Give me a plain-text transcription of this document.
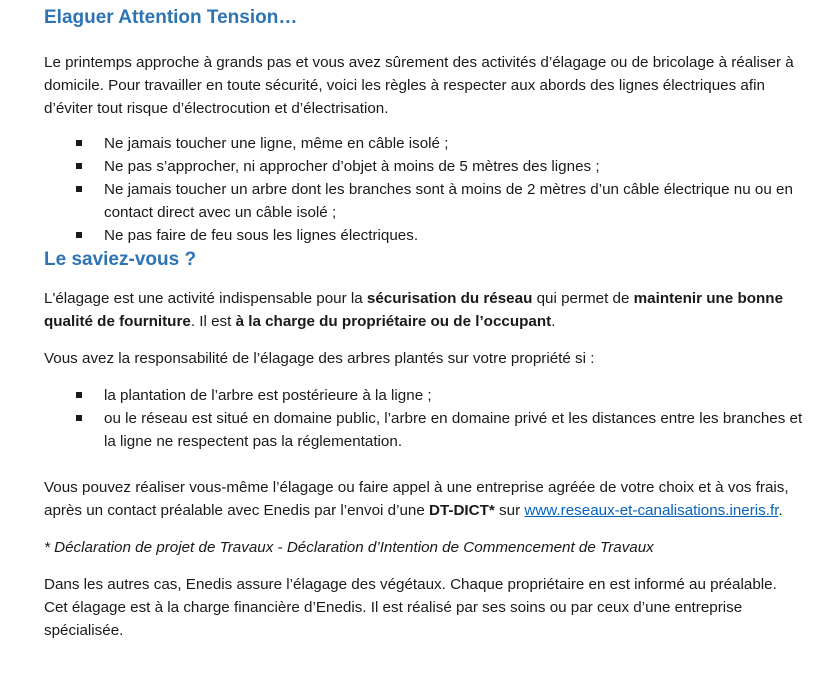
Elaguer Attention Tension…

Le printemps approche à grands pas et vous avez sûrement des activités d’élagage ou de bricolage à réaliser à domicile. Pour travailler en toute sécurité, voici les règles à respecter aux abords des lignes électriques afin d’éviter tout risque d’électrocution et d’électrisation.

Ne jamais toucher une ligne, même en câble isolé ;
Ne pas s’approcher, ni approcher d’objet à moins de 5 mètres des lignes ;
Ne jamais toucher un arbre dont les branches sont à moins de 2 mètres d’un câble électrique nu ou en contact direct avec un câble isolé ;
Ne pas faire de feu sous les lignes électriques.
Le saviez-vous ?

L'élagage est une activité indispensable pour la sécurisation du réseau qui permet de maintenir une bonne qualité de fourniture. Il est à la charge du propriétaire ou de l’occupant.

Vous avez la responsabilité de l’élagage des arbres plantés sur votre propriété si :

la plantation de l’arbre est postérieure à la ligne ;
ou le réseau est situé en domaine public, l’arbre en domaine privé et les distances entre les branches et la ligne ne respectent pas la réglementation.

Vous pouvez réaliser vous-même l’élagage ou faire appel à une entreprise agréée de votre choix et à vos frais, après un contact préalable avec Enedis par l’envoi d’une DT-DICT* sur www.reseaux-et-canalisations.ineris.fr.

* Déclaration de projet de Travaux - Déclaration d’Intention de Commencement de Travaux

Dans les autres cas, Enedis assure l’élagage des végétaux. Chaque propriétaire en est informé au préalable. Cet élagage est à la charge financière d’Enedis. Il est réalisé par ses soins ou par ceux d’une entreprise spécialisée.
